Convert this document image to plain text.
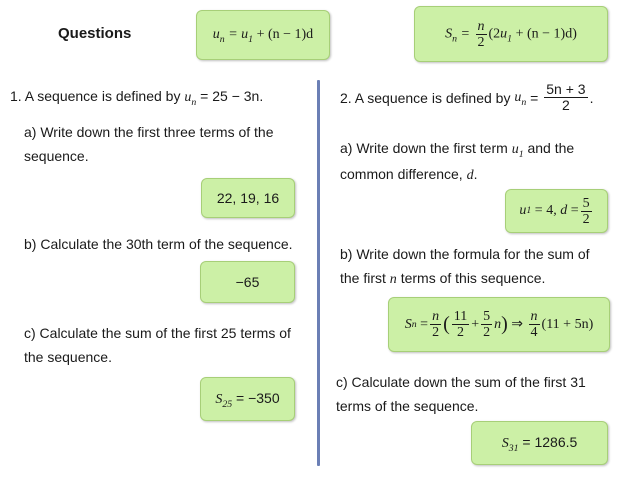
Questions	$u_n = u_1 + (n - 1)d$	$S_n = \frac{n}{2} (2u_1 + (n - 1)d)$
1. A sequence is defined by $u_n = 25 - 3n$.
a) Write down the first three terms of the
sequence.
22, 19, 16
b) Calculate the 30th term of the sequence.
−65
c) Calculate the sum of the first 25 terms of
the sequence.
$S_{25} = -350$
2. A sequence is defined by
$u_n = \frac{5n + 3}{2}$ .
a) Write down the first term $u_1$ and the
common difference, d.
u 1
= 4, $d = \frac{5}{2}$
b) Write down the formula for the sum of
the first n terms of this sequence.
S n
= $\frac{n}{2}$ ( $\frac{11}{2} + \frac{5}{2}$ n ) ⇒ $\frac{n}{4} (11 + 5n)$
c) Calculate down the sum of the first 31
terms of the sequence.
$S_{31} = 1286.5$
